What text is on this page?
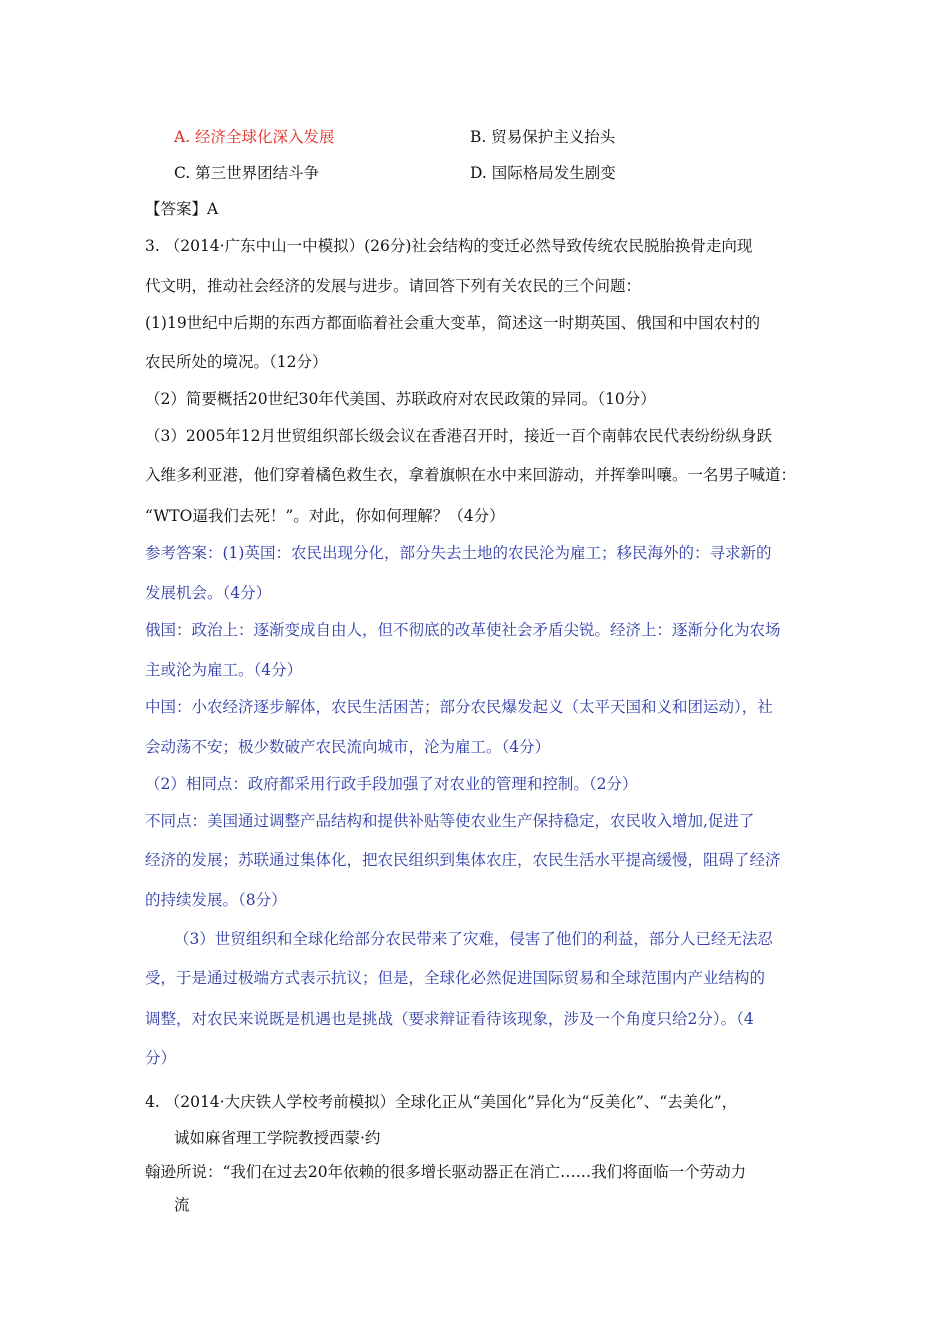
A. 经济全球化深入发展	B. 贸易保护主义抬头
C. 第三世界团结斗争	D. 国际格局发生剧变
【答案】A
3. （2014·广东中山一中模拟）(26分)社会结构的变迁必然导致传统农民脱胎换骨走向现
代文明，推动社会经济的发展与进步。请回答下列有关农民的三个问题：
(1)19世纪中后期的东西方都面临着社会重大变革，简述这一时期英国、俄国和中国农村的
农民所处的境况。（12分）
（2）简要概括20世纪30年代美国、苏联政府对农民政策的异同。（10分）
（3）2005年12月世贸组织部长级会议在香港召开时，接近一百个南韩农民代表纷纷纵身跃
入维多利亚港，他们穿着橘色救生衣，拿着旗帜在水中来回游动，并挥拳叫嚷。一名男子喊道：
“WTO逼我们去死！”。对此，你如何理解？（4分）
参考答案：(1)英国：农民出现分化，部分失去土地的农民沦为雇工；移民海外的：寻求新的
发展机会。（4分）
俄国：政治上：逐渐变成自由人，但不彻底的改革使社会矛盾尖锐。经济上：逐渐分化为农场
主或沦为雇工。（4分）
中国：小农经济逐步解体，农民生活困苦；部分农民爆发起义（太平天国和义和团运动），社
会动荡不安；极少数破产农民流向城市，沦为雇工。（4分）
（2）相同点：政府都采用行政手段加强了对农业的管理和控制。（2分）
不同点：美国通过调整产品结构和提供补贴等使农业生产保持稳定，农民收入增加,促进了
经济的发展；苏联通过集体化，把农民组织到集体农庄，农民生活水平提高缓慢，阻碍了经济
的持续发展。（8分）
（3）世贸组织和全球化给部分农民带来了灾难，侵害了他们的利益，部分人已经无法忍
受，于是通过极端方式表示抗议；但是，全球化必然促进国际贸易和全球范围内产业结构的
调整，对农民来说既是机遇也是挑战（要求辩证看待该现象，涉及一个角度只给2分）。（4
分）
4. （2014·大庆铁人学校考前模拟）全球化正从“美国化”异化为“反美化”、“去美化”，
诚如麻省理工学院教授西蒙·约
翰逊所说：“我们在过去20年依赖的很多增长驱动器正在消亡……我们将面临一个劳动力
流
